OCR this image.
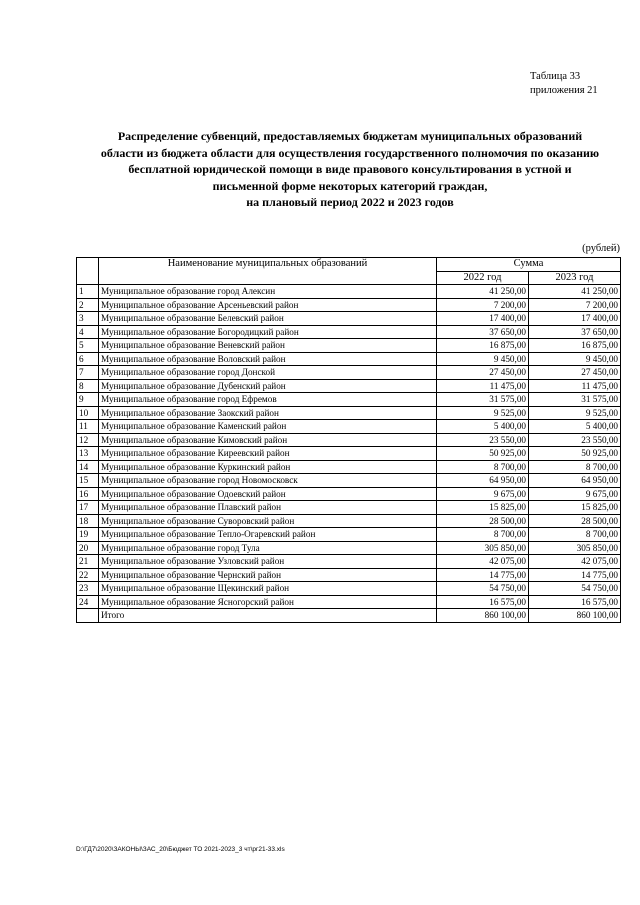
Таблица 33
приложения 21
Распределение субвенций, предоставляемых бюджетам муниципальных образований
области из бюджета области для осуществления государственного полномочия по оказанию
бесплатной юридической помощи в виде правового консультирования в устной и
письменной форме некоторых категорий граждан,
на плановый период 2022 и 2023 годов
(рублей)
	Наименование муниципальных образований	Сумма	
		2022 год	2023 год
1	Муниципальное образование город Алексин	41 250,00	41 250,00
2	Муниципальное образование Арсеньевский район	7 200,00	7 200,00
3	Муниципальное образование Белевский район	17 400,00	17 400,00
4	Муниципальное образование Богородицкий район	37 650,00	37 650,00
5	Муниципальное образование Веневский район	16 875,00	16 875,00
6	Муниципальное образование Воловский район	9 450,00	9 450,00
7	Муниципальное образование город Донской	27 450,00	27 450,00
8	Муниципальное образование Дубенский район	11 475,00	11 475,00
9	Муниципальное образование город Ефремов	31 575,00	31 575,00
10	Муниципальное образование Заокский район	9 525,00	9 525,00
11	Муниципальное образование Каменский район	5 400,00	5 400,00
12	Муниципальное образование Кимовский район	23 550,00	23 550,00
13	Муниципальное образование Киреевский район	50 925,00	50 925,00
14	Муниципальное образование Куркинский район	8 700,00	8 700,00
15	Муниципальное образование город Новомосковск	64 950,00	64 950,00
16	Муниципальное образование Одоевский район	9 675,00	9 675,00
17	Муниципальное образование Плавский район	15 825,00	15 825,00
18	Муниципальное образование Суворовский район	28 500,00	28 500,00
19	Муниципальное образование Тепло-Огаревский район	8 700,00	8 700,00
20	Муниципальное образование город Тула	305 850,00	305 850,00
21	Муниципальное образование Узловский район	42 075,00	42 075,00
22	Муниципальное образование Чернский район	14 775,00	14 775,00
23	Муниципальное образование Щекинский район	54 750,00	54 750,00
24	Муниципальное образование Ясногорский район	16 575,00	16 575,00
	Итого	860 100,00	860 100,00
D:\ГД7\2020\ЗАКОНЫ\ЗАС_20\Бюджет ТО 2021-2023_3 чт\рг21-33.xls
